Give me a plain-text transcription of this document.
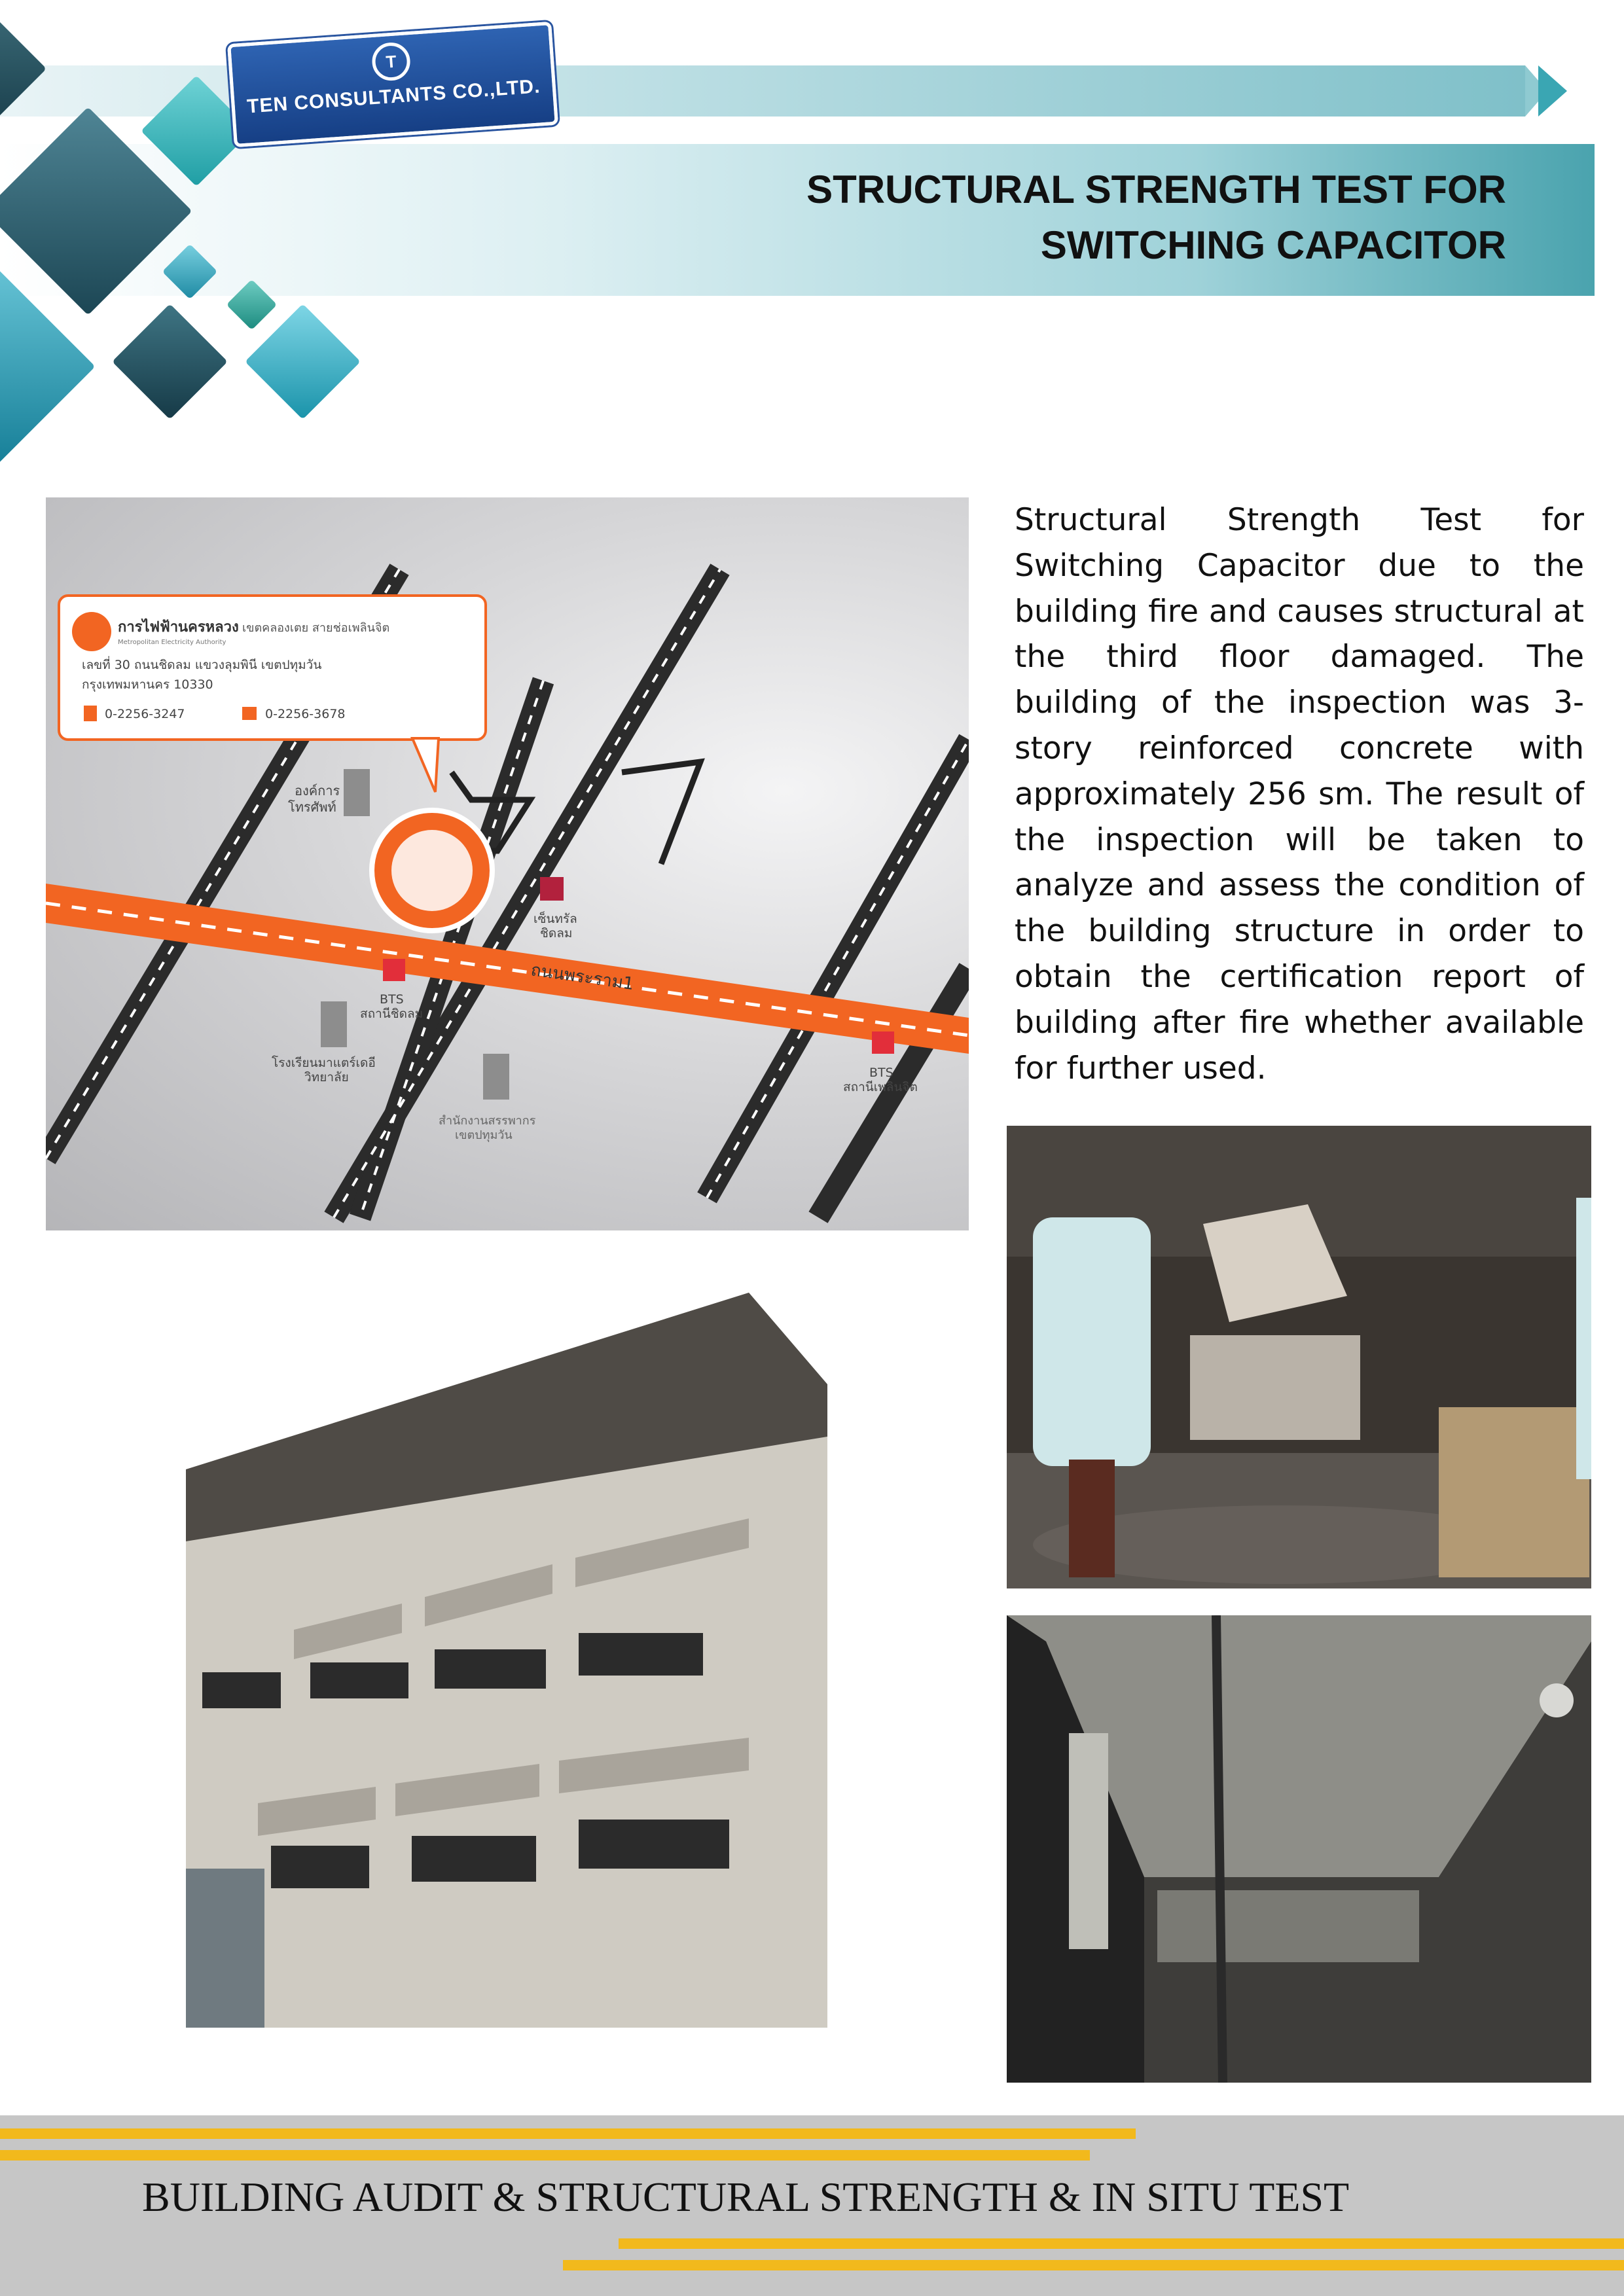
T
TEN CONSULTANTS CO.,LTD.
STRUCTURAL STRENGTH TEST FOR
SWITCHING CAPACITOR

Structural Strength Test for Switching Capacitor due to the building fire and causes structural at the third floor damaged. The building of the inspection was 3-story reinforced concrete with approximately 256 sm. The result of the inspection will be taken to analyze and assess the condition of the building structure in order to obtain the certification report of building after fire whether available for further used.

ถนนพระราม1
การไฟฟ้านครหลวง เขตคลองเตย สายช่อเพลินจิต
Metropolitan Electricity Authority
เลขที่ 30 ถนนชิดลม แขวงลุมพินี เขตปทุมวัน
กรุงเทพมหานคร 10330
0-2256-3247	0-2256-3678
องค์การ
โทรศัพท์
เซ็นทรัล
ชิดลม
BTS
สถานีชิดลม
BTS
สถานีเพลินจิต
โรงเรียนมาแตร์เดอี
วิทยาลัย
สำนักงานสรรพากร
เขตปทุมวัน
BUILDING AUDIT & STRUCTURAL STRENGTH & IN SITU TEST
